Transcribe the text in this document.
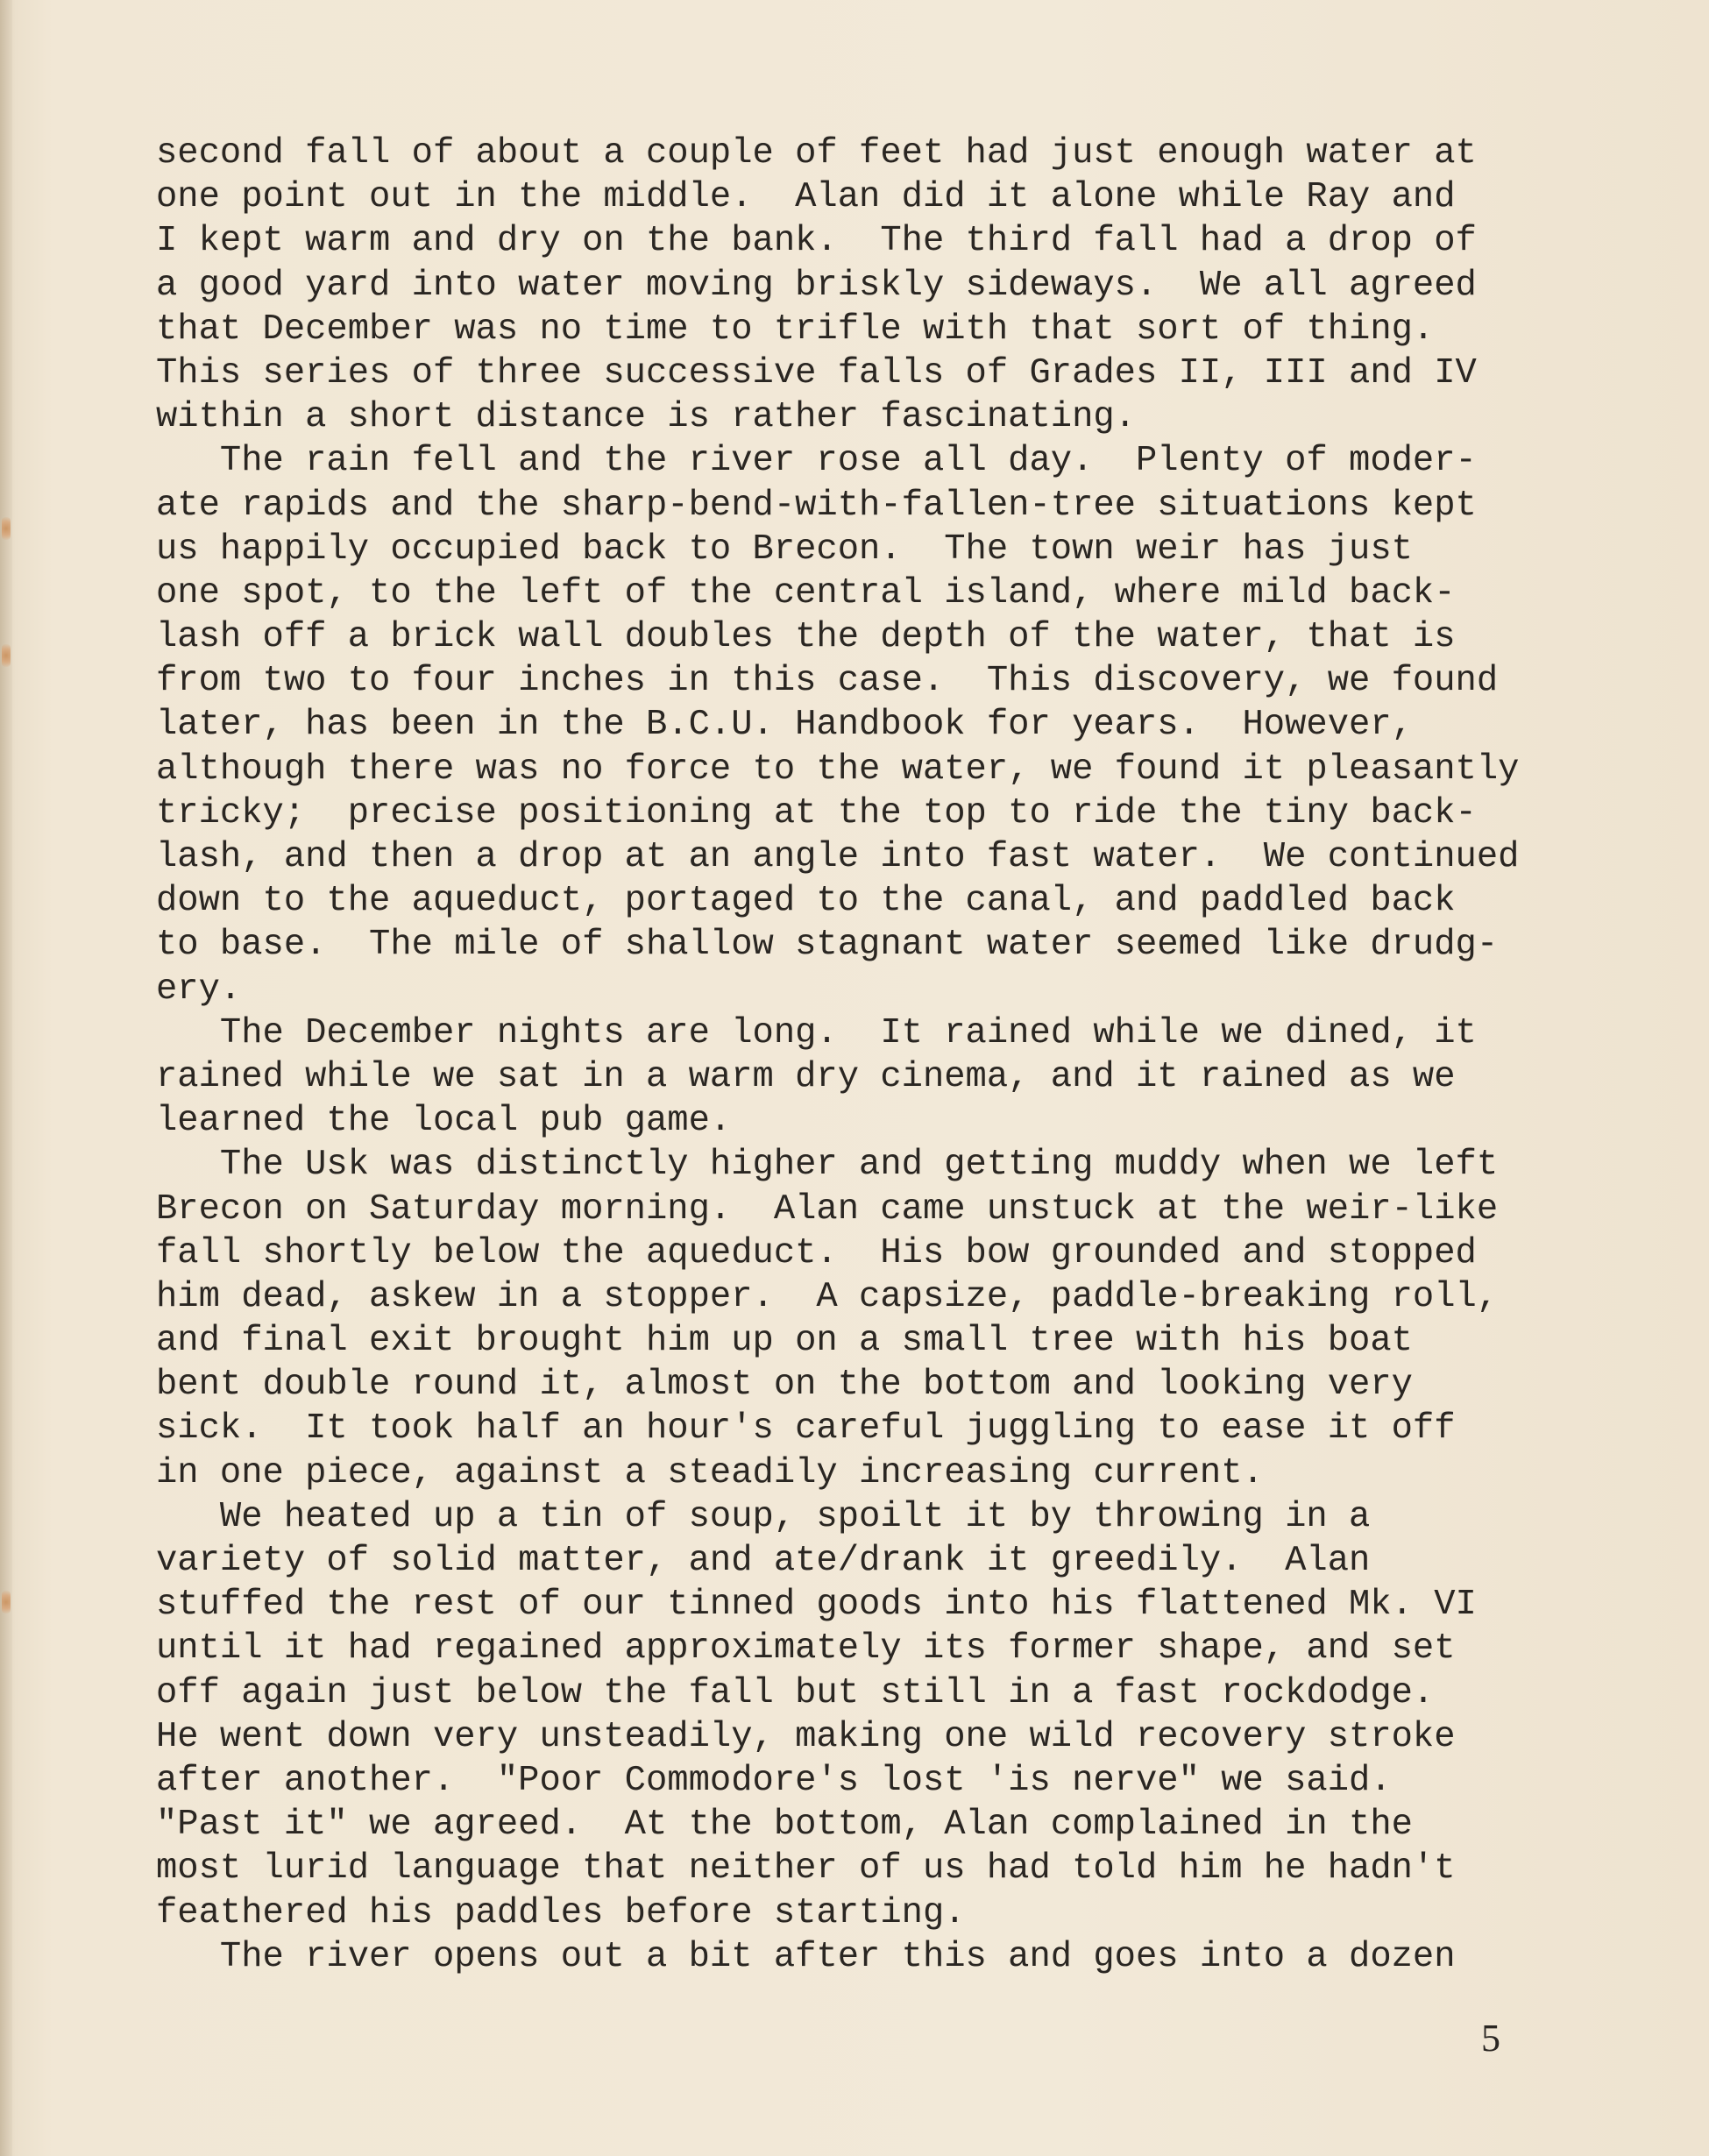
second fall of about a couple of feet had just enough water at
one point out in the middle.  Alan did it alone while Ray and
I kept warm and dry on the bank.  The third fall had a drop of
a good yard into water moving briskly sideways.  We all agreed
that December was no time to trifle with that sort of thing.
This series of three successive falls of Grades II, III and IV
within a short distance is rather fascinating.
The rain fell and the river rose all day.  Plenty of moder-
ate rapids and the sharp-bend-with-fallen-tree situations kept
us happily occupied back to Brecon.  The town weir has just
one spot, to the left of the central island, where mild back-
lash off a brick wall doubles the depth of the water, that is
from two to four inches in this case.  This discovery, we found
later, has been in the B.C.U. Handbook for years.  However,
although there was no force to the water, we found it pleasantly
tricky;  precise positioning at the top to ride the tiny back-
lash, and then a drop at an angle into fast water.  We continued
down to the aqueduct, portaged to the canal, and paddled back
to base.  The mile of shallow stagnant water seemed like drudg-
ery.
The December nights are long.  It rained while we dined, it
rained while we sat in a warm dry cinema, and it rained as we
learned the local pub game.
The Usk was distinctly higher and getting muddy when we left
Brecon on Saturday morning.  Alan came unstuck at the weir-like
fall shortly below the aqueduct.  His bow grounded and stopped
him dead, askew in a stopper.  A capsize, paddle-breaking roll,
and final exit brought him up on a small tree with his boat
bent double round it, almost on the bottom and looking very
sick.  It took half an hour's careful juggling to ease it off
in one piece, against a steadily increasing current.
We heated up a tin of soup, spoilt it by throwing in a
variety of solid matter, and ate/drank it greedily.  Alan
stuffed the rest of our tinned goods into his flattened Mk. VI
until it had regained approximately its former shape, and set
off again just below the fall but still in a fast rockdodge.
He went down very unsteadily, making one wild recovery stroke
after another.  "Poor Commodore's lost 'is nerve" we said.
"Past it" we agreed.  At the bottom, Alan complained in the
most lurid language that neither of us had told him he hadn't
feathered his paddles before starting.
The river opens out a bit after this and goes into a dozen
5
